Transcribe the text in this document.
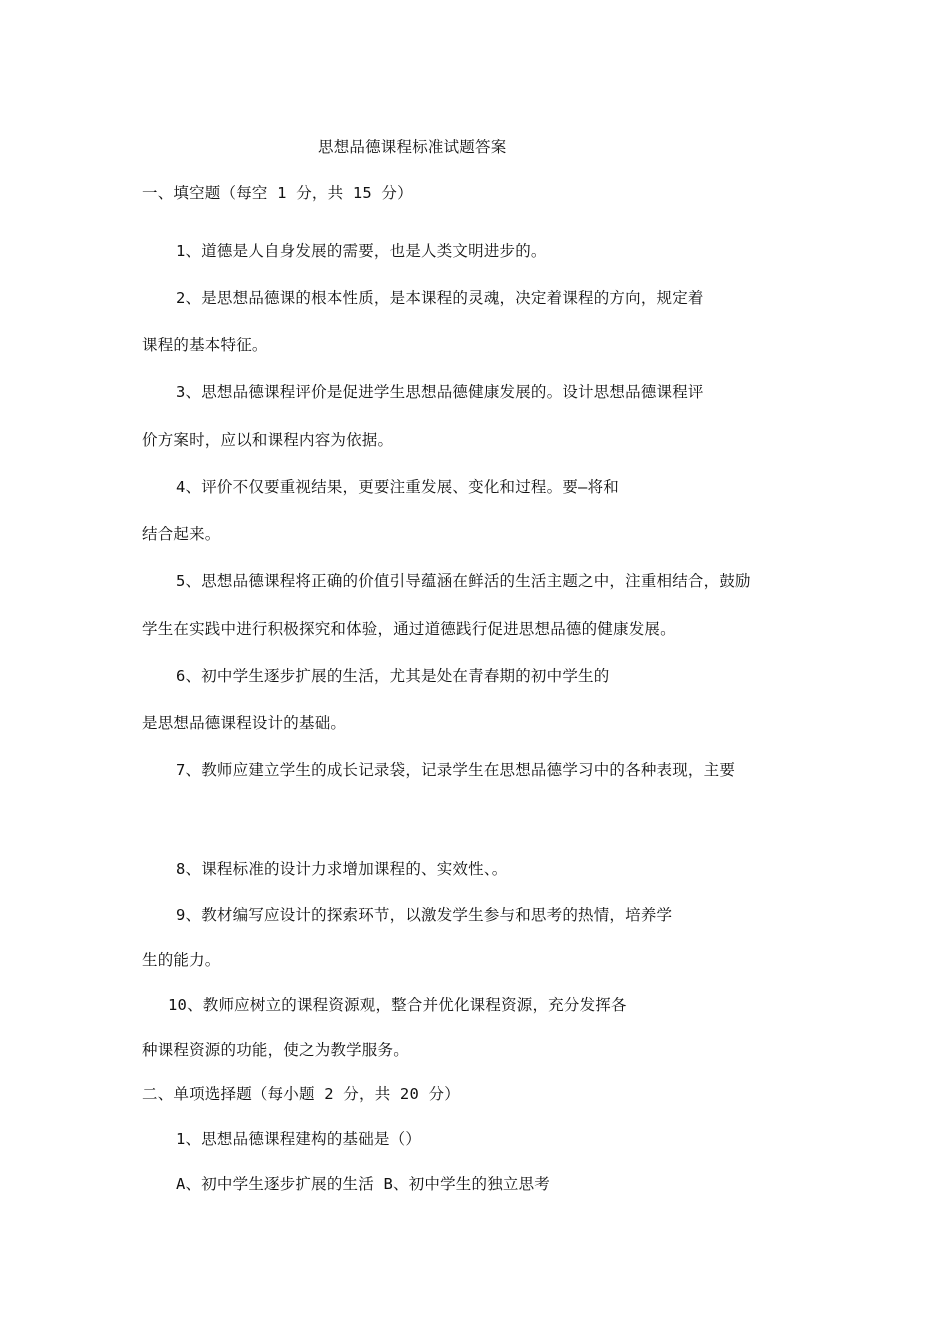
思想品德课程标准试题答案
一、填空题（每空 1 分，共 15 分）
1、道德是人自身发展的需要，也是人类文明进步的。
2、是思想品德课的根本性质，是本课程的灵魂，决定着课程的方向，规定着
课程的基本特征。
3、思想品德课程评价是促进学生思想品德健康发展的。设计思想品德课程评
价方案时，应以和课程内容为依据。
4、评价不仅要重视结果，更要注重发展、变化和过程。要—将和
结合起来。
5、思想品德课程将正确的价值引导蕴涵在鲜活的生活主题之中，注重相结合，鼓励
学生在实践中进行积极探究和体验，通过道德践行促进思想品德的健康发展。
6、初中学生逐步扩展的生活，尤其是处在青春期的初中学生的
是思想品德课程设计的基础。
7、教师应建立学生的成长记录袋，记录学生在思想品德学习中的各种表现，主要
8、课程标准的设计力求增加课程的、实效性、。
9、教材编写应设计的探索环节，以激发学生参与和思考的热情，培养学
生的能力。
10、教师应树立的课程资源观，整合并优化课程资源，充分发挥各
种课程资源的功能，使之为教学服务。
二、单项选择题（每小题 2 分，共 20 分）
1、思想品德课程建构的基础是（）
A、初中学生逐步扩展的生活 B、初中学生的独立思考
